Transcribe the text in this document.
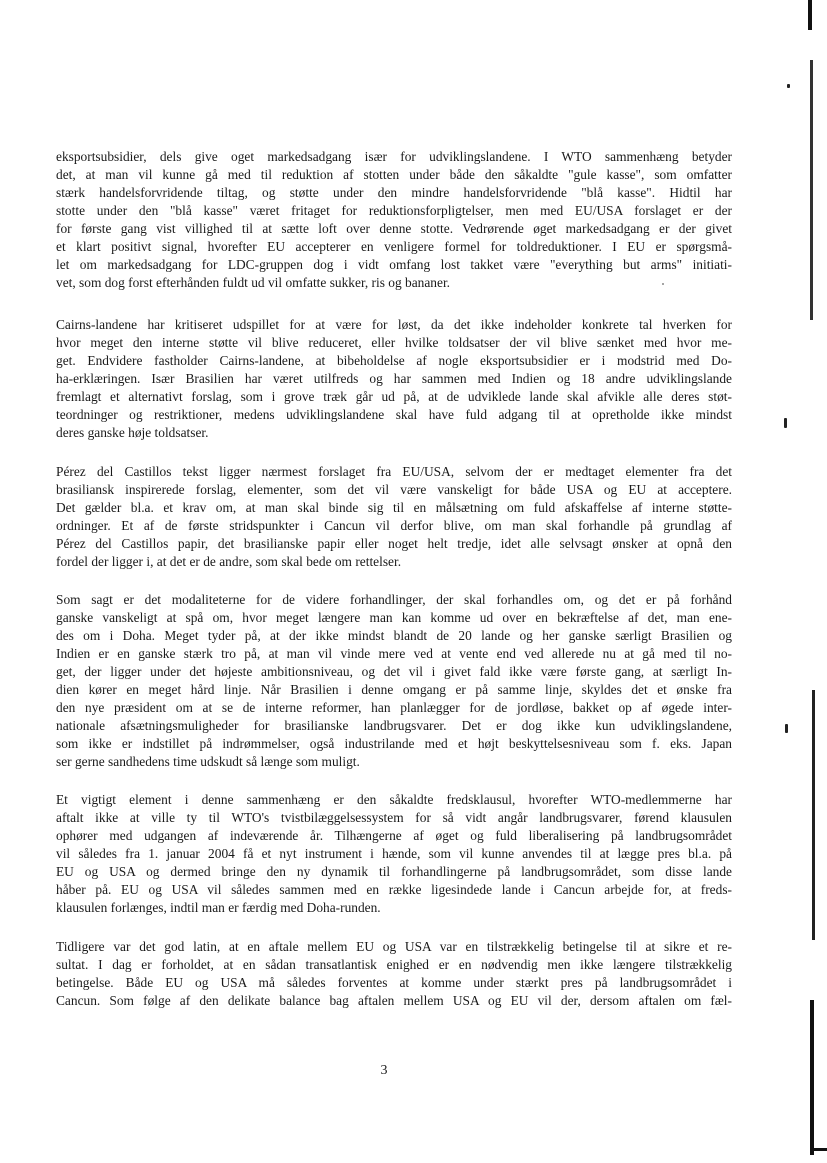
eksportsubsidier, dels give oget markedsadgang især for udviklingslandene. I WTO sammenhæng betyder
det, at man vil kunne gå med til reduktion af stotten under både den såkaldte "gule kasse", som omfatter
stærk handelsforvridende tiltag, og støtte under den mindre handelsforvridende "blå kasse". Hidtil har
stotte under den "blå kasse" været fritaget for reduktionsforpligtelser, men med EU/USA forslaget er der
for første gang vist villighed til at sætte loft over denne stotte. Vedrørende øget markedsadgang er der givet
et klart positivt signal, hvorefter EU accepterer en venligere formel for toldreduktioner. I EU er spørgsmå-
let om markedsadgang for LDC-gruppen dog i vidt omfang lost takket være "everything but arms" initiati-
vet, som dog forst efterhånden fuldt ud vil omfatte sukker, ris og bananer.
Cairns-landene har kritiseret udspillet for at være for løst, da det ikke indeholder konkrete tal hverken for
hvor meget den interne støtte vil blive reduceret, eller hvilke toldsatser der vil blive sænket med hvor me-
get. Endvidere fastholder Cairns-landene, at bibeholdelse af nogle eksportsubsidier er i modstrid med Do-
ha-erklæringen. Især Brasilien har været utilfreds og har sammen med Indien og 18 andre udviklingslande
fremlagt et alternativt forslag, som i grove træk går ud på, at de udviklede lande skal afvikle alle deres støt-
teordninger og restriktioner, medens udviklingslandene skal have fuld adgang til at opretholde ikke mindst
deres ganske høje toldsatser.
Pérez del Castillos tekst ligger nærmest forslaget fra EU/USA, selvom der er medtaget elementer fra det
brasiliansk inspirerede forslag, elementer, som det vil være vanskeligt for både USA og EU at acceptere.
Det gælder bl.a. et krav om, at man skal binde sig til en målsætning om fuld afskaffelse af interne støtte-
ordninger. Et af de første stridspunkter i Cancun vil derfor blive, om man skal forhandle på grundlag af
Pérez del Castillos papir, det brasilianske papir eller noget helt tredje, idet alle selvsagt ønsker at opnå den
fordel der ligger i, at det er de andre, som skal bede om rettelser.
Som sagt er det modaliteterne for de videre forhandlinger, der skal forhandles om, og det er på forhånd
ganske vanskeligt at spå om, hvor meget længere man kan komme ud over en bekræftelse af det, man ene-
des om i Doha. Meget tyder på, at der ikke mindst blandt de 20 lande og her ganske særligt Brasilien og
Indien er en ganske stærk tro på, at man vil vinde mere ved at vente end ved allerede nu at gå med til no-
get, der ligger under det højeste ambitionsniveau, og det vil i givet fald ikke være første gang, at særligt In-
dien kører en meget hård linje. Når Brasilien i denne omgang er på samme linje, skyldes det et ønske fra
den nye præsident om at se de interne reformer, han planlægger for de jordløse, bakket op af øgede inter-
nationale afsætningsmuligheder for brasilianske landbrugsvarer. Det er dog ikke kun udviklingslandene,
som ikke er indstillet på indrømmelser, også industrilande med et højt beskyttelsesniveau som f. eks. Japan
ser gerne sandhedens time udskudt så længe som muligt.
Et vigtigt element i denne sammenhæng er den såkaldte fredsklausul, hvorefter WTO-medlemmerne har
aftalt ikke at ville ty til WTO's tvistbilæggelsessystem for så vidt angår landbrugsvarer, førend klausulen
ophører med udgangen af indeværende år. Tilhængerne af øget og fuld liberalisering på landbrugsområdet
vil således fra 1. januar 2004 få et nyt instrument i hænde, som vil kunne anvendes til at lægge pres bl.a. på
EU og USA og dermed bringe den ny dynamik til forhandlingerne på landbrugsområdet, som disse lande
håber på. EU og USA vil således sammen med en række ligesindede lande i Cancun arbejde for, at freds-
klausulen forlænges, indtil man er færdig med Doha-runden.
Tidligere var det god latin, at en aftale mellem EU og USA var en tilstrækkelig betingelse til at sikre et re-
sultat. I dag er forholdet, at en sådan transatlantisk enighed er en nødvendig men ikke længere tilstrækkelig
betingelse. Både EU og USA må således forventes at komme under stærkt pres på landbrugsområdet i
Cancun. Som følge af den delikate balance bag aftalen mellem USA og EU vil der, dersom aftalen om fæl-
3
